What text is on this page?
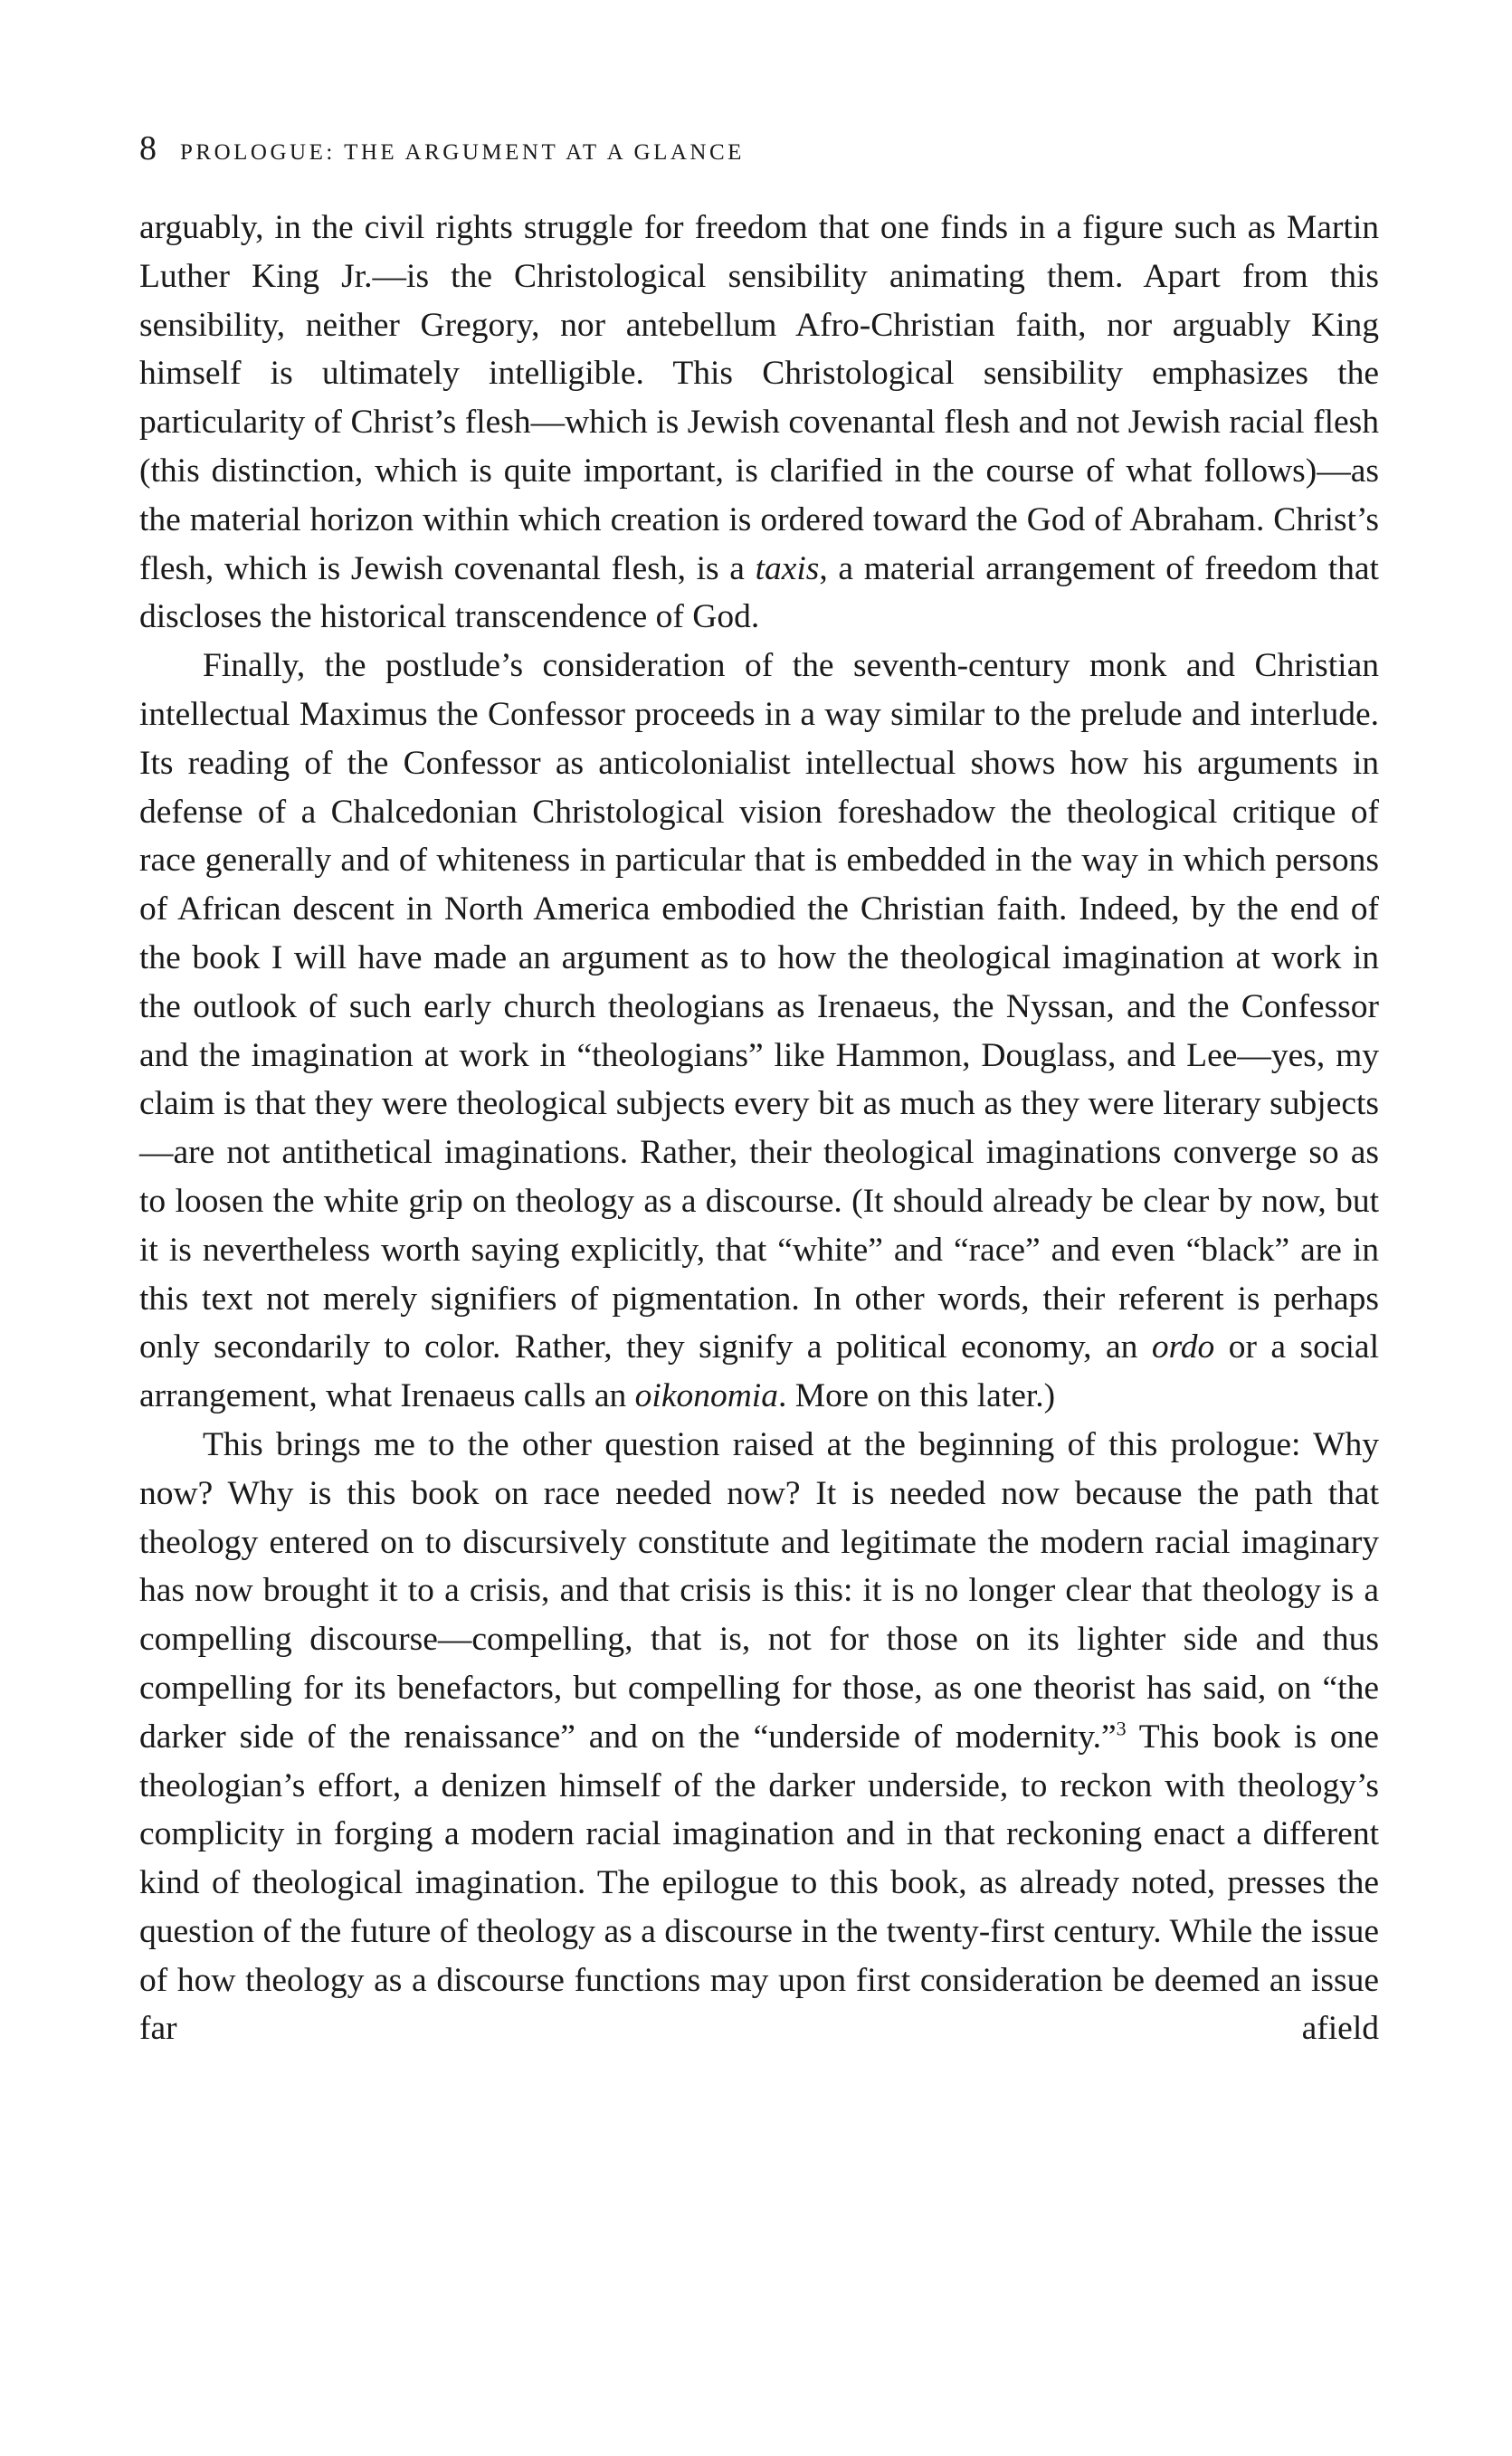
8 PROLOGUE: THE ARGUMENT AT A GLANCE

arguably, in the civil rights struggle for freedom that one finds in a figure such as Martin Luther King Jr.—is the Christological sensibility animating them. Apart from this sensibility, neither Gregory, nor antebellum Afro-Christian faith, nor arguably King himself is ultimately intelligible. This Christological sensibility emphasizes the particularity of Christ’s flesh—which is Jewish covenantal flesh and not Jewish racial flesh (this distinction, which is quite important, is clarified in the course of what follows)—as the material horizon within which creation is ordered toward the God of Abraham. Christ’s flesh, which is Jewish covenantal flesh, is a taxis, a material arrangement of freedom that discloses the historical transcendence of God.

Finally, the postlude’s consideration of the seventh-century monk and Christian intellectual Maximus the Confessor proceeds in a way similar to the prelude and interlude. Its reading of the Confessor as anticolonialist intellectual shows how his arguments in defense of a Chalcedonian Christological vision foreshadow the theological critique of race generally and of whiteness in particular that is embedded in the way in which persons of African descent in North America embodied the Christian faith. Indeed, by the end of the book I will have made an argument as to how the theological imagination at work in the outlook of such early church theologians as Irenaeus, the Nyssan, and the Confessor and the imagination at work in “theologians” like Hammon, Douglass, and Lee—yes, my claim is that they were theological subjects every bit as much as they were literary subjects—are not antithetical imaginations. Rather, their theological imaginations converge so as to loosen the white grip on theology as a discourse. (It should already be clear by now, but it is nevertheless worth saying explicitly, that “white” and “race” and even “black” are in this text not merely signifiers of pigmentation. In other words, their referent is perhaps only secondarily to color. Rather, they signify a political economy, an ordo or a social arrangement, what Irenaeus calls an oikonomia. More on this later.)

This brings me to the other question raised at the beginning of this prologue: Why now? Why is this book on race needed now? It is needed now because the path that theology entered on to discursively constitute and legitimate the modern racial imaginary has now brought it to a crisis, and that crisis is this: it is no longer clear that theology is a compelling discourse—compelling, that is, not for those on its lighter side and thus compelling for its benefactors, but compelling for those, as one theorist has said, on “the darker side of the renaissance” and on the “underside of modernity.”$^3$ This book is one theologian’s effort, a denizen himself of the darker underside, to reckon with theology’s complicity in forging a modern racial imagination and in that reckoning enact a different kind of theological imagination. The epilogue to this book, as already noted, presses the question of the future of theology as a discourse in the twenty-first century. While the issue of how theology as a discourse functions may upon first consideration be deemed an issue far afield
